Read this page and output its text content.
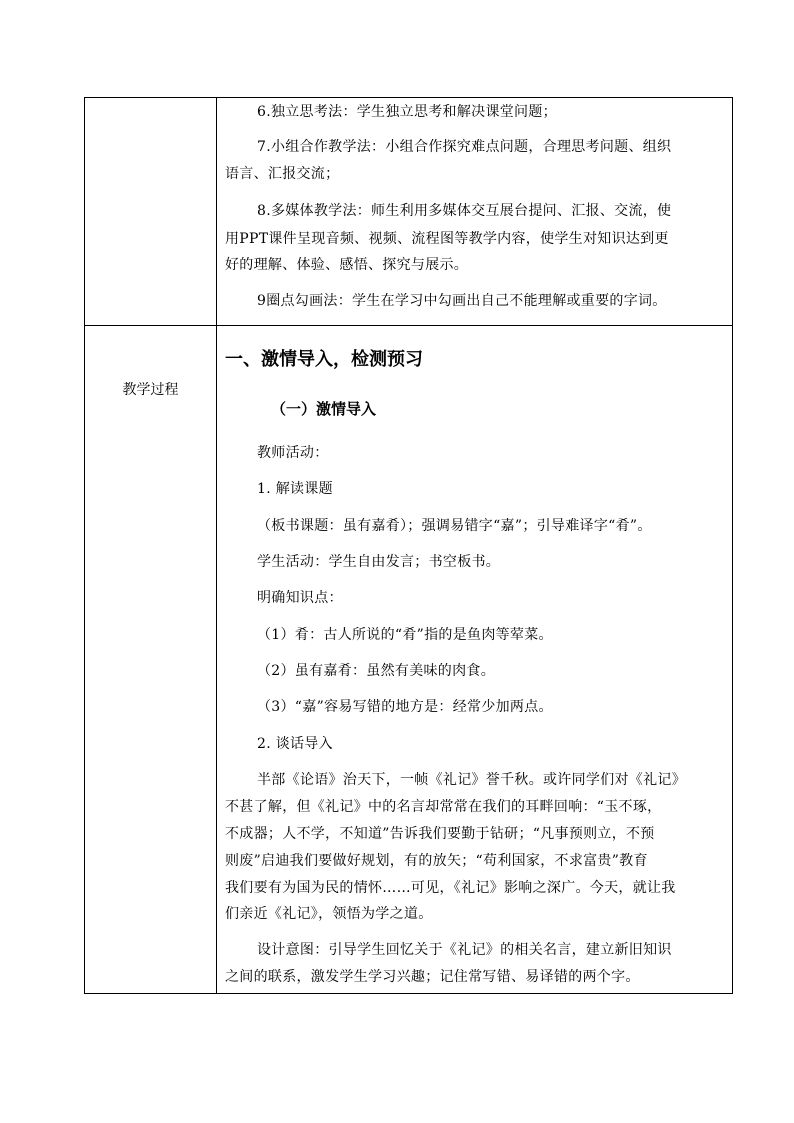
6.独立思考法：学生独立思考和解决课堂问题；
7.小组合作教学法：小组合作探究难点问题，合理思考问题、组织
语言、汇报交流；
8.多媒体教学法：师生利用多媒体交互展台提问、汇报、交流，使
用PPT课件呈现音频、视频、流程图等教学内容，使学生对知识达到更
好的理解、体验、感悟、探究与展示。
9圈点勾画法：学生在学习中勾画出自己不能理解或重要的字词。
教学过程
一、激情导入，检测预习
（一）激情导入
教师活动：
1. 解读课题
（板书课题：虽有嘉肴）；强调易错字“嘉”；引导难译字“肴”。
学生活动：学生自由发言；书空板书。
明确知识点：
（1）肴：古人所说的“肴”指的是鱼肉等荤菜。
（2）虽有嘉肴：虽然有美味的肉食。
（3）“嘉”容易写错的地方是：经常少加两点。
2. 谈话导入
半部《论语》治天下，一帧《礼记》誉千秋。或许同学们对《礼记》
不甚了解，但《礼记》中的名言却常常在我们的耳畔回响：“玉不琢，
不成器；人不学，不知道”告诉我们要勤于钻研；“凡事预则立，不预
则废”启迪我们要做好规划，有的放矢；“苟利国家，不求富贵”教育
我们要有为国为民的情怀……可见，《礼记》影响之深广。今天，就让我
们亲近《礼记》，领悟为学之道。
设计意图：引导学生回忆关于《礼记》的相关名言，建立新旧知识
之间的联系，激发学生学习兴趣；记住常写错、易译错的两个字。
